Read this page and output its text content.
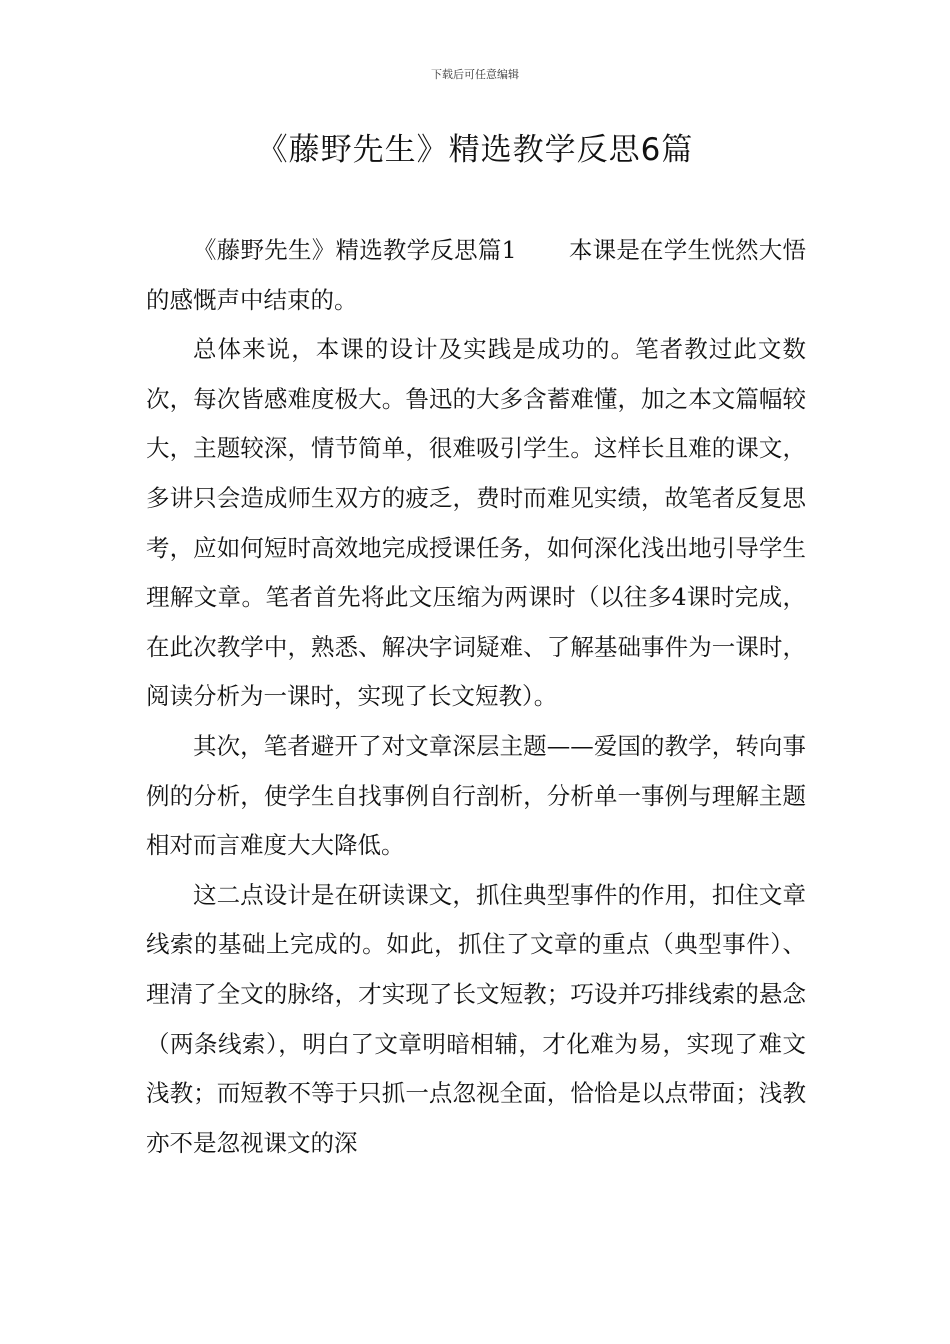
下载后可任意编辑
《藤野先生》精选教学反思6篇

《藤野先生》精选教学反思篇1 本课是在学生恍然大悟的感慨声中结束的。

总体来说，本课的设计及实践是成功的。笔者教过此文数次，每次皆感难度极大。鲁迅的大多含蓄难懂，加之本文篇幅较大，主题较深，情节简单，很难吸引学生。这样长且难的课文，多讲只会造成师生双方的疲乏，费时而难见实绩，故笔者反复思考，应如何短时高效地完成授课任务，如何深化浅出地引导学生理解文章。笔者首先将此文压缩为两课时（以往多4课时完成，在此次教学中，熟悉、解决字词疑难、了解基础事件为一课时，阅读分析为一课时，实现了长文短教）。

其次，笔者避开了对文章深层主题——爱国的教学，转向事例的分析，使学生自找事例自行剖析，分析单一事例与理解主题相对而言难度大大降低。

这二点设计是在研读课文，抓住典型事件的作用，扣住文章线索的基础上完成的。如此，抓住了文章的重点（典型事件）、理清了全文的脉络，才实现了长文短教；巧设并巧排线索的悬念（两条线索），明白了文章明暗相辅，才化难为易，实现了难文浅教；而短教不等于只抓一点忽视全面，恰恰是以点带面；浅教亦不是忽视课文的深
